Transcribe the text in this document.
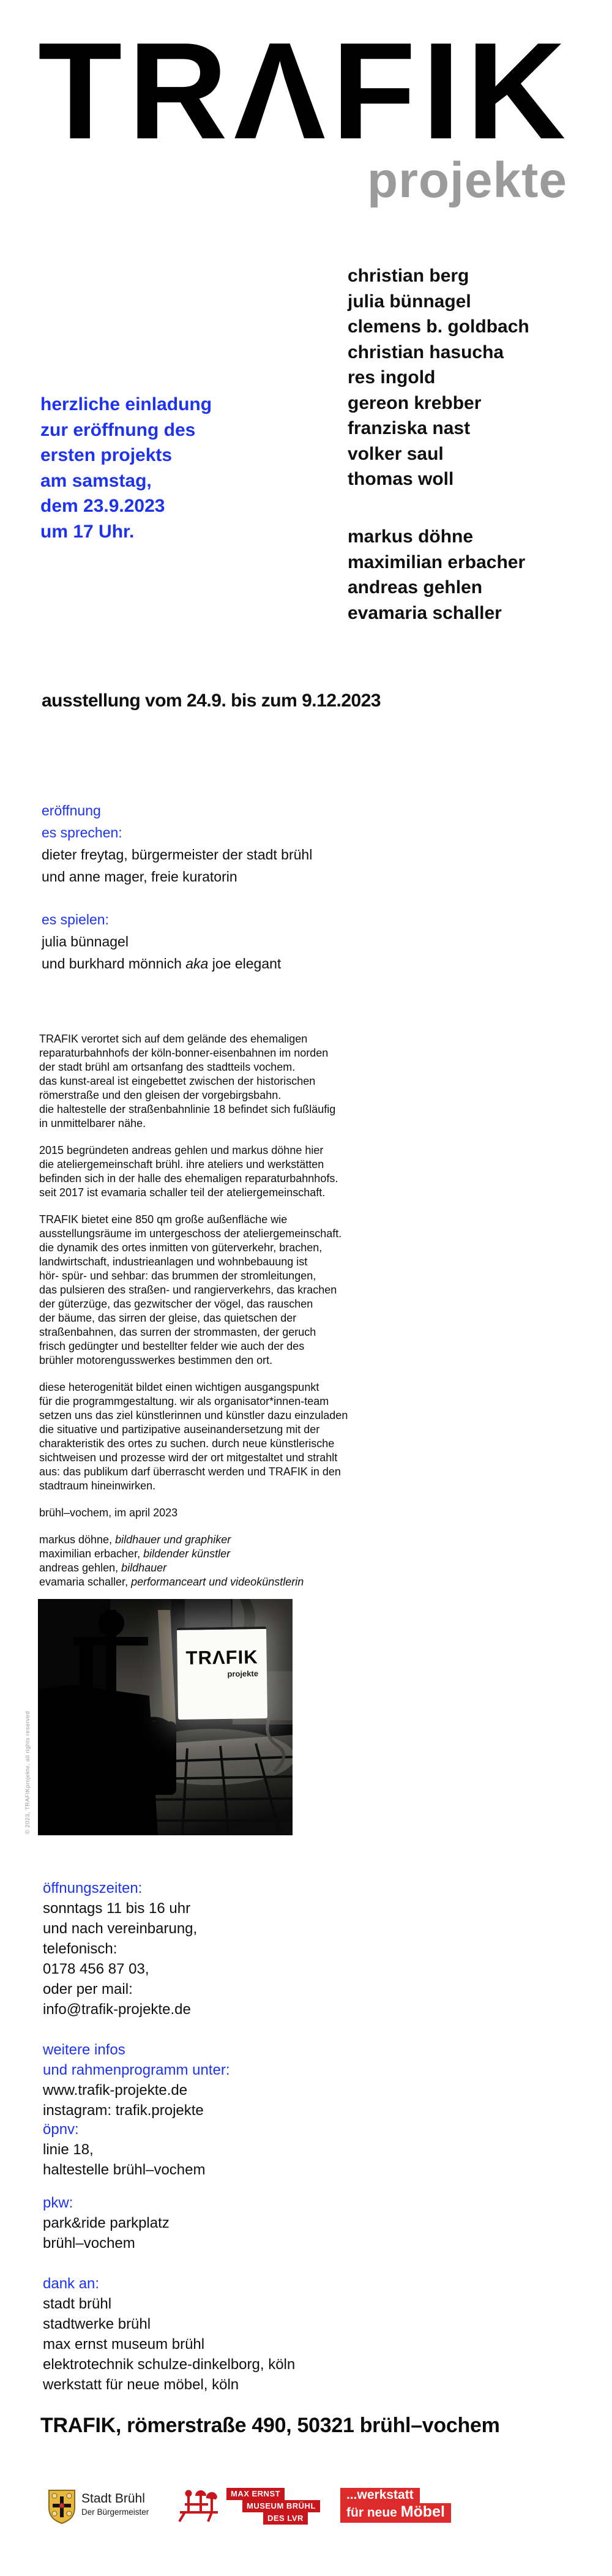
TRΛFIK
projekte
christian berg
julia bünnagel
clemens b. goldbach
christian hasucha
res ingold
gereon krebber
franziska nast
volker saul
thomas woll
herzliche einladung
zur eröffnung des
ersten projekts
am samstag,
dem 23.9.2023
um 17 Uhr.	markus döhne
maximilian erbacher
andreas gehlen
evamaria schaller
ausstellung vom 24.9. bis zum 9.12.2023
eröffnung
es sprechen:
dieter freytag, bürgermeister der stadt brühl
und anne mager, freie kuratorin
es spielen:
julia bünnagel
und burkhard mönnich aka joe elegant
TRAFIK verortet sich auf dem gelände des ehemaligen
reparaturbahnhofs der köln-bonner-eisenbahnen im norden
der stadt brühl am ortsanfang des stadtteils vochem.
das kunst-areal ist eingebettet zwischen der historischen
römerstraße und den gleisen der vorgebirgsbahn.
die haltestelle der straßenbahnlinie 18 befindet sich fußläufig
in unmittelbarer nähe.
2015 begründeten andreas gehlen und markus döhne hier
die ateliergemeinschaft brühl. ihre ateliers und werkstätten
befinden sich in der halle des ehemaligen reparaturbahnhofs.
seit 2017 ist evamaria schaller teil der ateliergemeinschaft.
TRAFIK bietet eine 850 qm große außenfläche wie
ausstellungsräume im untergeschoss der ateliergemeinschaft.
die dynamik des ortes inmitten von güterverkehr, brachen,
landwirtschaft, industrieanlagen und wohnbebauung ist
hör- spür- und sehbar: das brummen der stromleitungen,
das pulsieren des straßen- und rangierverkehrs, das krachen
der güterzüge, das gezwitscher der vögel, das rauschen
der bäume, das sirren der gleise, das quietschen der
straßenbahnen, das surren der strommasten, der geruch
frisch gedüngter und bestellter felder wie auch der des
brühler motorengusswerkes bestimmen den ort.
diese heterogenität bildet einen wichtigen ausgangspunkt
für die programmgestaltung. wir als organisator*innen-team
setzen uns das ziel künstlerinnen und künstler dazu einzuladen
die situative und partizipative auseinandersetzung mit der
charakteristik des ortes zu suchen. durch neue künstlerische
sichtweisen und prozesse wird der ort mitgestaltet und strahlt
aus: das publikum darf überrascht werden und TRAFIK in den
stadtraum hineinwirken.
brühl–vochem, im april 2023
markus döhne, bildhauer und graphiker
maximilian erbacher, bildender künstler
andreas gehlen, bildhauer
evamaria schaller, performanceart und videokünstlerin
TRΛFIK
projekte
© 2023, TRAFIKprojekte, all rights reserved
öffnungszeiten:
sonntags 11 bis 16 uhr
und nach vereinbarung,
telefonisch:
0178 456 87 03,
oder per mail:
info@trafik-projekte.de
weitere infos
und rahmenprogramm unter:
www.trafik-projekte.de
instagram: trafik.projekte
öpnv:
linie 18,
haltestelle brühl–vochem
pkw:
park&ride parkplatz
brühl–vochem
dank an:
stadt brühl
stadtwerke brühl
max ernst museum brühl
elektrotechnik schulze-dinkelborg, köln
werkstatt für neue möbel, köln
TRAFIK, römerstraße 490, 50321 brühl–vochem
Stadt Brühl
Der Bürgermeister
MAX ERNST
MUSEUM BRÜHL
DES LVR
...werkstatt
für neue Möbel
